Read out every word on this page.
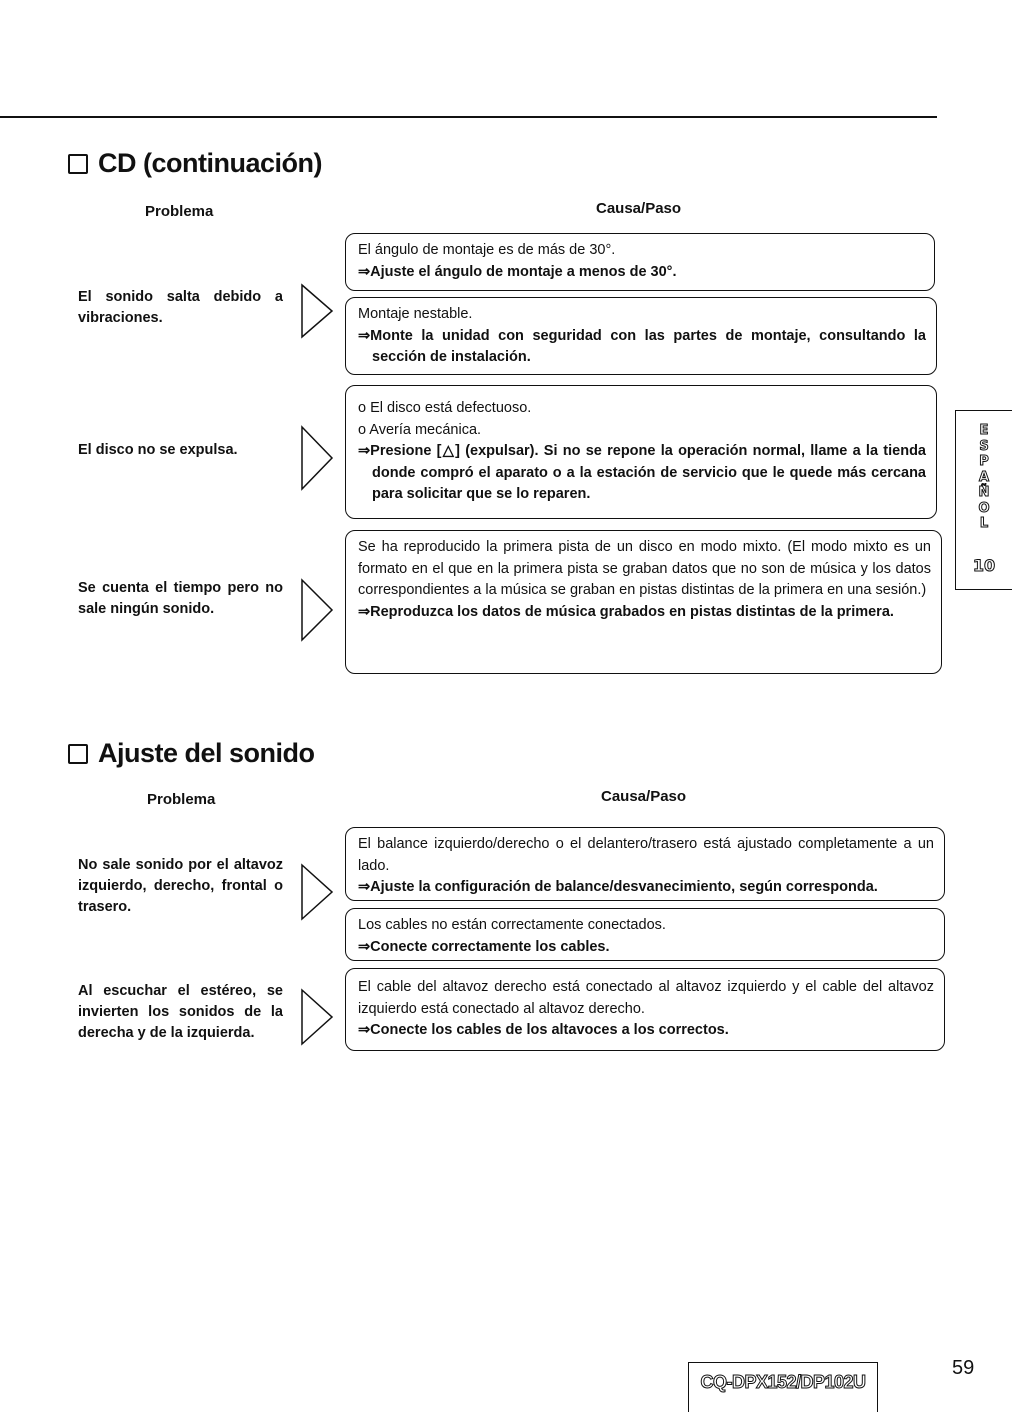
CD (continuación)
Problema	Causa/Paso
El sonido salta debido a vibraciones.
El disco no se expulsa.
Se cuenta el tiempo pero no sale ningún sonido.
El ángulo de montaje es de más de 30°.
⇒Ajuste el ángulo de montaje a menos de 30°.
Montaje nestable.
⇒Monte la unidad con seguridad con las partes de montaje, consultando la sección de instalación.
o El disco está defectuoso.
o Avería mecánica.
⇒Presione [△] (expulsar). Si no se repone la operación normal, llame a la tienda donde compró el aparato o a la estación de servicio que le quede más cercana para solicitar que se lo reparen.
Se ha reproducido la primera pista de un disco en modo mixto. (El modo mixto es un formato en el que en la primera pista se graban datos que no son de música y los datos correspondientes a la música se graban en pistas distintas de la primera en una sesión.)
⇒Reproduzca los datos de música grabados en pistas distintas de la primera.
Ajuste del sonido
Problema	Causa/Paso
No sale sonido por el altavoz izquierdo, derecho, frontal o trasero.
Al escuchar el estéreo, se invierten los sonidos de la derecha y de la izquierda.
El balance izquierdo/derecho o el delantero/trasero está ajustado completamente a un lado.
⇒Ajuste la configuración de balance/desvanecimiento, según corresponda.
Los cables no están correctamente conectados.
⇒Conecte correctamente los cables.
El cable del altavoz derecho está conectado al altavoz izquierdo y el cable del altavoz izquierdo está conectado al altavoz derecho.
⇒Conecte los cables de los altavoces a los correctos.
E
S
P
A
Ñ
O
L
10
CQ-DPX152/DP102U
59
